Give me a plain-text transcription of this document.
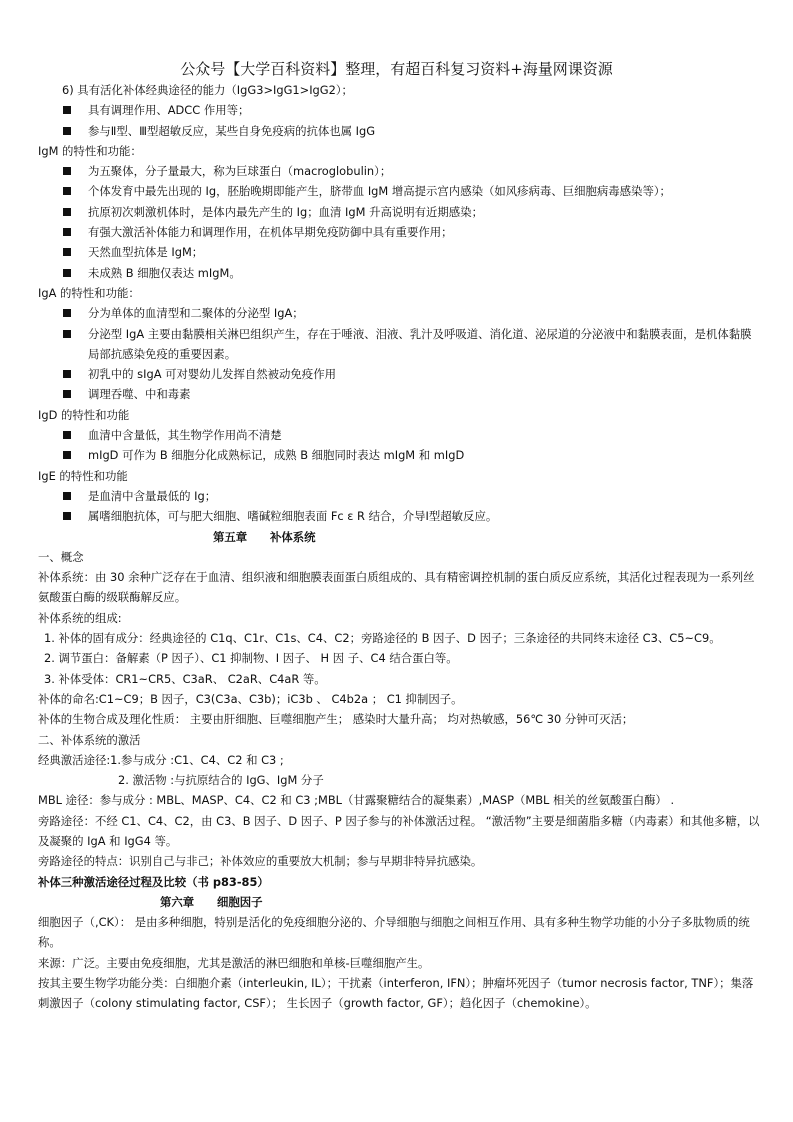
公众号【大学百科资料】整理，有超百科复习资料+海量网课资源
6) 具有活化补体经典途径的能力（IgG3>IgG1>IgG2）；
具有调理作用、ADCC 作用等；
参与Ⅱ型、Ⅲ型超敏反应，某些自身免疫病的抗体也属 IgG
IgM 的特性和功能：
为五聚体，分子量最大，称为巨球蛋白（macroglobulin）；
个体发育中最先出现的 Ig，胚胎晚期即能产生，脐带血 IgM 增高提示宫内感染（如风疹病毒、巨细胞病毒感染等）；
抗原初次刺激机体时，是体内最先产生的 Ig；血清 IgM 升高说明有近期感染；
有强大激活补体能力和调理作用，在机体早期免疫防御中具有重要作用；
天然血型抗体是 IgM；
未成熟 B 细胞仅表达 mIgM。
IgA 的特性和功能：
分为单体的血清型和二聚体的分泌型 IgA；
分泌型 IgA 主要由黏膜相关淋巴组织产生，存在于唾液、泪液、乳汁及呼吸道、消化道、泌尿道的分泌液中和黏膜表面，是机体黏膜局部抗感染免疫的重要因素。
初乳中的 sIgA 可对婴幼儿发挥自然被动免疫作用
调理吞噬、中和毒素
IgD 的特性和功能
血清中含量低，其生物学作用尚不清楚
mIgD 可作为 B 细胞分化成熟标记，成熟 B 细胞同时表达 mIgM 和 mIgD
IgE 的特性和功能
是血清中含量最低的 Ig；
属嗜细胞抗体，可与肥大细胞、嗜碱粒细胞表面 Fc ε R 结合，介导Ⅰ型超敏反应。
第五章　　补体系统
一、概念
补体系统：由 30 余种广泛存在于血清、组织液和细胞膜表面蛋白质组成的、具有精密调控机制的蛋白质反应系统，其活化过程表现为一系列丝氨酸蛋白酶的级联酶解反应。
补体系统的组成:
1. 补体的固有成分：经典途径的 C1q、C1r、C1s、C4、C2；旁路途径的 B 因子、D 因子；三条途径的共同终末途径 C3、C5~C9。
2. 调节蛋白：备解素（P 因子）、C1 抑制物、I 因子、 H 因 子、C4 结合蛋白等。
3. 补体受体：CR1~CR5、C3aR、 C2aR、C4aR 等。
补体的命名:C1~C9；B 因子，C3(C3a、C3b)；iC3b 、 C4b2a ； C1 抑制因子。
补体的生物合成及理化性质： 主要由肝细胞、巨噬细胞产生； 感染时大量升高； 均对热敏感，56℃ 30 分钟可灭活；
二、补体系统的激活
经典激活途径:1.参与成分 :C1、C4、C2 和 C3 ;
2. 激活物 :与抗原结合的 IgG、IgM 分子
MBL 途径：参与成分 : MBL、MASP、C4、C2 和 C3 ;MBL（甘露聚糖结合的凝集素）,MASP（MBL 相关的丝氨酸蛋白酶） .
旁路途径：不经 C1、C4、C2，由 C3、B 因子、D 因子、P 因子参与的补体激活过程。 “激活物”主要是细菌脂多糖（内毒素）和其他多糖，以及凝聚的 IgA 和 IgG4 等。
旁路途径的特点：识别自己与非己；补体效应的重要放大机制；参与早期非特异抗感染。
补体三种激活途径过程及比较（书 p83-85）
第六章　　细胞因子
细胞因子（,CK）： 是由多种细胞，特别是活化的免疫细胞分泌的、介导细胞与细胞之间相互作用、具有多种生物学功能的小分子多肽物质的统称。
来源：广泛。主要由免疫细胞，尤其是激活的淋巴细胞和单核-巨噬细胞产生。
按其主要生物学功能分类：白细胞介素（interleukin, IL）；干扰素（interferon, IFN）；肿瘤坏死因子（tumor necrosis factor, TNF）；集落刺激因子（colony stimulating factor, CSF）； 生长因子（growth factor, GF）；趋化因子（chemokine）。
